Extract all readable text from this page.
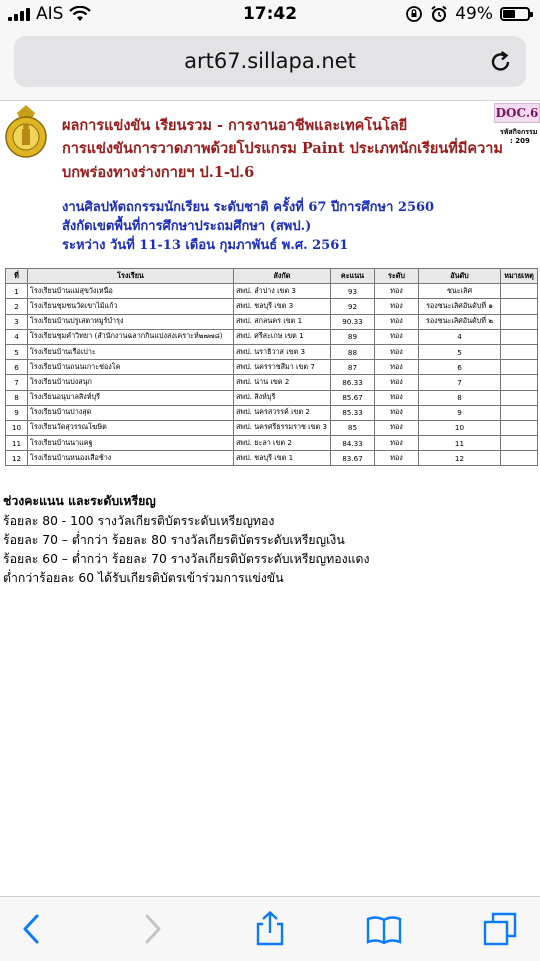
AIS	17:42	49%
art67.sillapa.net
ผลการแข่งขัน เรียนรวม - การงานอาชีพและเทคโนโลยี
การแข่งขันการวาดภาพด้วยโปรแกรม Paint ประเภทนักเรียนที่มีความ
บกพร่องทางร่างกายฯ ป.1-ป.6
DOC.6
รหัสกิจกรรม
: 209
งานศิลปหัตถกรรมนักเรียน ระดับชาติ ครั้งที่ 67 ปีการศึกษา 2560
สังกัดเขตพื้นที่การศึกษาประถมศึกษา (สพป.)
ระหว่าง วันที่ 11-13 เดือน กุมภาพันธ์ พ.ศ. 2561
ที่	โรงเรียน	สังกัด	คะแนน	ระดับ	อันดับ	หมายเหตุ
1	โรงเรียนบ้านแม่สุขวังเหนือ	สพป. ลำปาง เขต 3	93	ทอง	ชนะเลิศ	
2	โรงเรียนชุมชนวัดเขาไม้แก้ว	สพป. ชลบุรี เขต 3	92	ทอง	รองชนะเลิศอันดับที่ ๑	
3	โรงเรียนบ้านปรูเสตาหมูร์บำรุง	สพป. สกลนคร เขต 1	90.33	ทอง	รองชนะเลิศอันดับที่ ๒	
4	โรงเรียนชุมคำวิทยา (สำนักงานฉลากกินแบ่งสงเคราะห์๒๗๗๘)	สพป. ศรีสะเกษ เขต 1	89	ทอง	4	
5	โรงเรียนบ้านเรือเปาะ	สพป. นราธิวาส เขต 3	88	ทอง	5	
6	โรงเรียนบ้านถนนเกาะช่องโค	สพป. นครราชสีมา เขต 7	87	ทอง	6	
7	โรงเรียนบ้านปงสนุก	สพป. น่าน เขต 2	86.33	ทอง	7	
8	โรงเรียนอนุบาลสิงห์บุรี	สพป. สิงห์บุรี	85.67	ทอง	8	
9	โรงเรียนบ้านปางสุด	สพป. นครสวรรค์ เขต 2	85.33	ทอง	9	
10	โรงเรียนวัดสุวรรณโฆษิต	สพป. นครศรีธรรมราช เขต 3	85	ทอง	10	
11	โรงเรียนบ้านนาแคฐ	สพป. ยะลา เขต 2	84.33	ทอง	11	
12	โรงเรียนบ้านหนองเสือช้าง	สพป. ชลบุรี เขต 1	83.67	ทอง	12	
ช่วงคะแนน และระดับเหรียญ
ร้อยละ 80 - 100 รางวัลเกียรติบัตรระดับเหรียญทอง
ร้อยละ 70 – ต่ำกว่า ร้อยละ 80 รางวัลเกียรติบัตรระดับเหรียญเงิน
ร้อยละ 60 – ต่ำกว่า ร้อยละ 70 รางวัลเกียรติบัตรระดับเหรียญทองแดง
ต่ำกว่าร้อยละ 60 ได้รับเกียรติบัตรเข้าร่วมการแข่งขัน
